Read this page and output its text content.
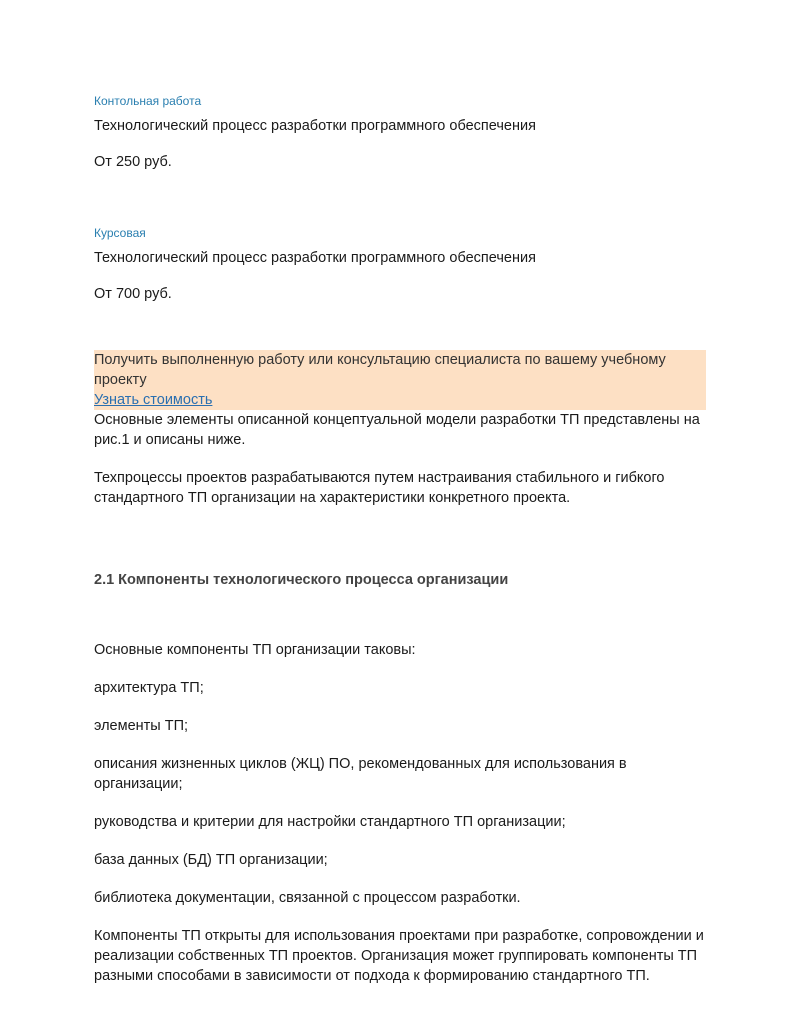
Контольная работа

Технологический процесс разработки программного обеспечения

От 250 руб.

Курсовая

Технологический процесс разработки программного обеспечения

От 700 руб.

Получить выполненную работу или консультацию специалиста по вашему учебному проекту

Узнать стоимость

Основные элементы описанной концептуальной модели разработки ТП представлены на рис.1 и описаны ниже.

Техпроцессы проектов разрабатываются путем настраивания стабильного и гибкого стандартного ТП организации на характеристики конкретного проекта.

2.1 Компоненты технологического процесса организации

Основные компоненты ТП организации таковы:

архитектура ТП;

элементы ТП;

описания жизненных циклов (ЖЦ) ПО, рекомендованных для использования в организации;

руководства и критерии для настройки стандартного ТП организации;

база данных (БД) ТП организации;

библиотека документации, связанной с процессом разработки.

Компоненты ТП открыты для использования проектами при разработке, сопровождении и реализации собственных ТП проектов. Организация может группировать компоненты ТП разными способами в зависимости от подхода к формированию стандартного ТП.
